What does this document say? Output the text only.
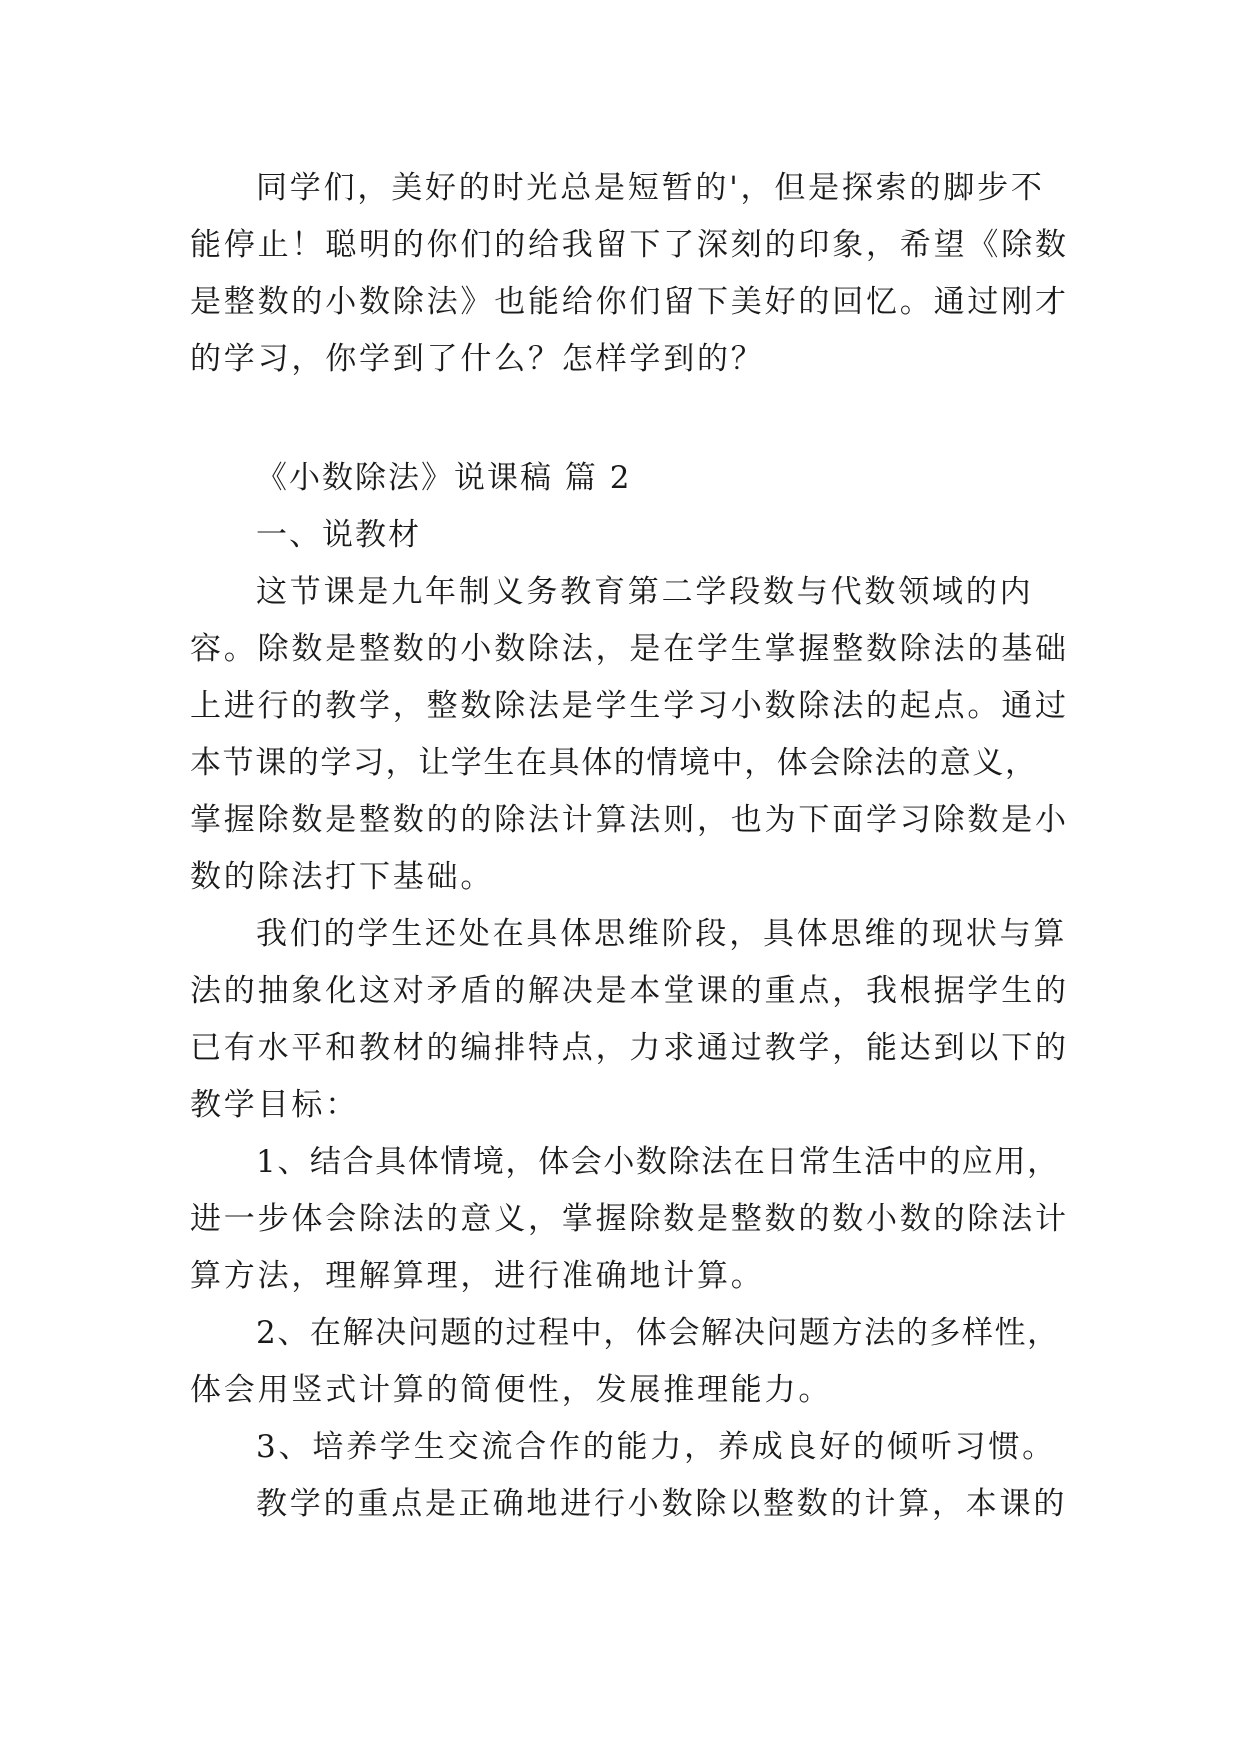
同学们，美好的时光总是短暂的'，但是探索的脚步不
能停止！聪明的你们的给我留下了深刻的印象，希望《除数
是整数的小数除法》也能给你们留下美好的回忆。通过刚才
的学习，你学到了什么？怎样学到的？
《小数除法》说课稿 篇 2
一、说教材
这节课是九年制义务教育第二学段数与代数领域的内
容。除数是整数的小数除法，是在学生掌握整数除法的基础
上进行的教学，整数除法是学生学习小数除法的起点。通过
本节课的学习，让学生在具体的情境中，体会除法的意义，
掌握除数是整数的的除法计算法则，也为下面学习除数是小
数的除法打下基础。
我们的学生还处在具体思维阶段，具体思维的现状与算
法的抽象化这对矛盾的解决是本堂课的重点，我根据学生的
已有水平和教材的编排特点，力求通过教学，能达到以下的
教学目标：
1、结合具体情境，体会小数除法在日常生活中的应用，
进一步体会除法的意义，掌握除数是整数的数小数的除法计
算方法，理解算理，进行准确地计算。
2、在解决问题的过程中，体会解决问题方法的多样性，
体会用竖式计算的简便性，发展推理能力。
3、培养学生交流合作的能力，养成良好的倾听习惯。
教学的重点是正确地进行小数除以整数的计算，本课的
